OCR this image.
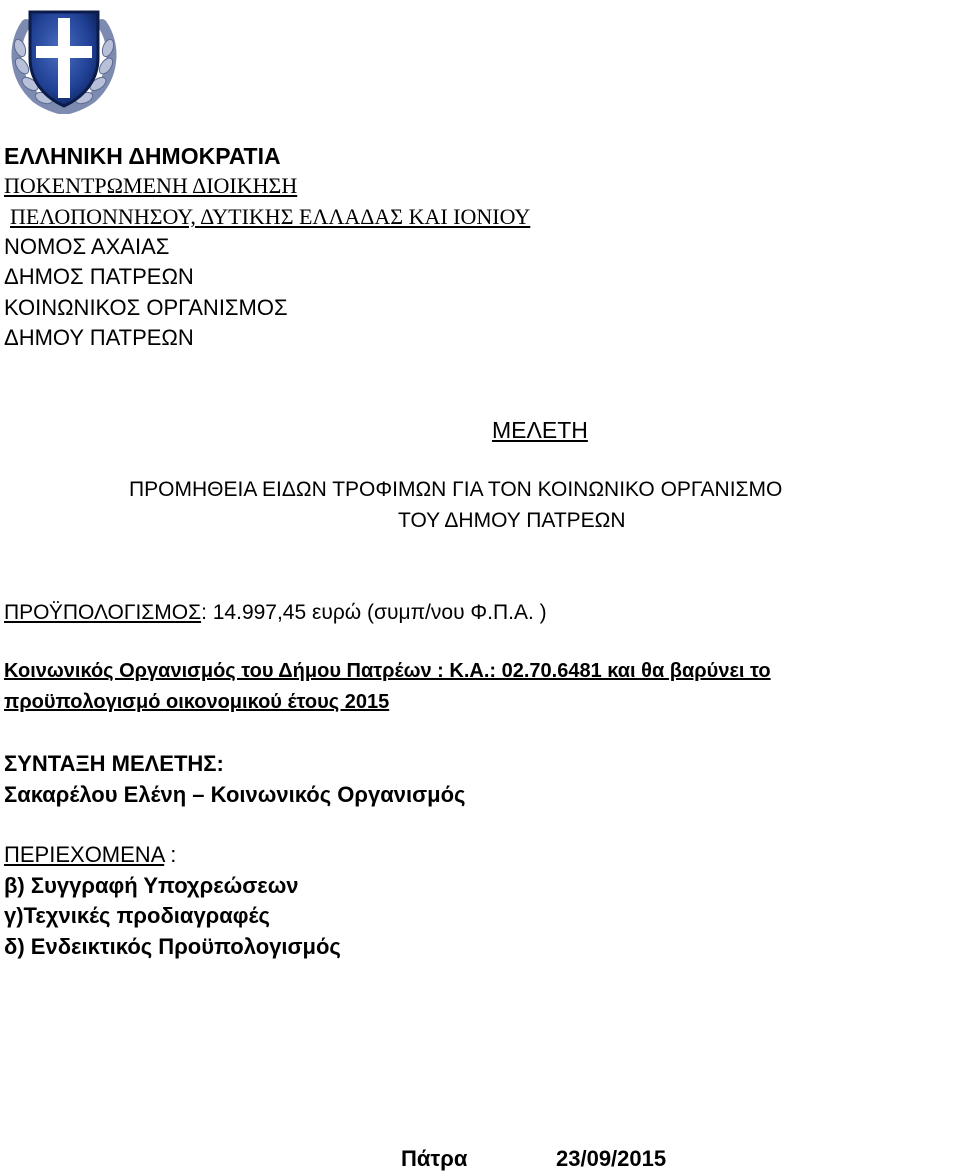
ΕΛΛΗΝΙΚΗ ΔΗΜΟΚΡΑΤΙΑ
ΠΟΚΕΝΤΡΩΜΕΝΗ ΔΙΟΙΚΗΣΗ
ΠΕΛΟΠΟΝΝΗΣΟΥ, ΔΥΤΙΚΗΣ ΕΛΛΑΔΑΣ ΚΑΙ ΙΟΝΙΟΥ
ΝΟΜΟΣ ΑΧΑΙΑΣ
ΔΗΜΟΣ ΠΑΤΡΕΩΝ
ΚΟΙΝΩΝΙΚΟΣ ΟΡΓΑΝΙΣΜΟΣ
ΔΗΜΟΥ ΠΑΤΡΕΩΝ
ΜΕΛΕΤΗ
ΠΡΟΜΗΘΕΙΑ ΕΙΔΩΝ ΤΡΟΦΙΜΩΝ ΓΙΑ ΤΟΝ ΚΟΙΝΩΝΙΚΟ ΟΡΓΑΝΙΣΜΟ
ΤΟΥ ΔΗΜΟΥ ΠΑΤΡΕΩΝ
ΠΡΟΫΠΟΛΟΓΙΣΜΟΣ: 14.997,45 ευρώ (συμπ/νου Φ.Π.Α. )
Κοινωνικός Οργανισμός του Δήμου Πατρέων : Κ.Α.: 02.70.6481 και θα βαρύνει το
προϋπολογισμό οικονομικού έτους 2015
ΣΥΝΤΑΞΗ ΜΕΛΕΤΗΣ:
Σακαρέλου Ελένη – Κοινωνικός Οργανισμός
ΠΕΡΙΕΧΟΜΕΝΑ :
β) Συγγραφή Υποχρεώσεων
γ)Τεχνικές προδιαγραφές
δ) Ενδεικτικός Προϋπολογισμός
Πάτρα	23/09/2015
